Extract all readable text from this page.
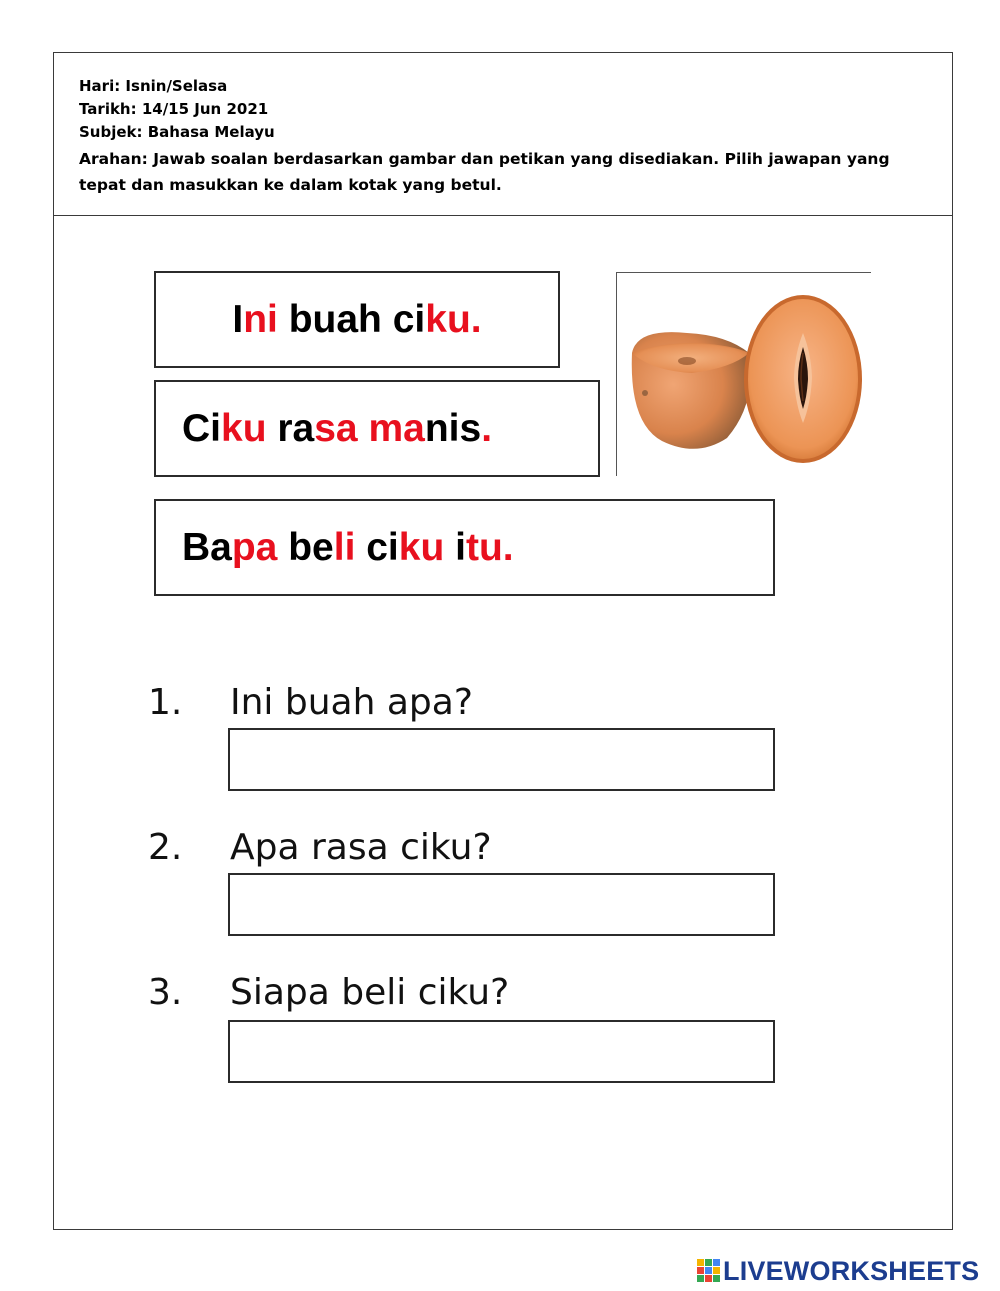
Hari: Isnin/Selasa
Tarikh: 14/15 Jun 2021
Subjek: Bahasa Melayu
Arahan: Jawab soalan berdasarkan gambar dan petikan yang disediakan. Pilih jawapan yang tepat dan masukkan ke dalam kotak yang betul.
I ni buah ci ku .
Ci ku ra sa
ma nis .
Ba pa be li ci ku i tu .
1. Ini buah apa?
2. Apa rasa ciku?
3. Siapa beli ciku?
LIVEWORKSHEETS
